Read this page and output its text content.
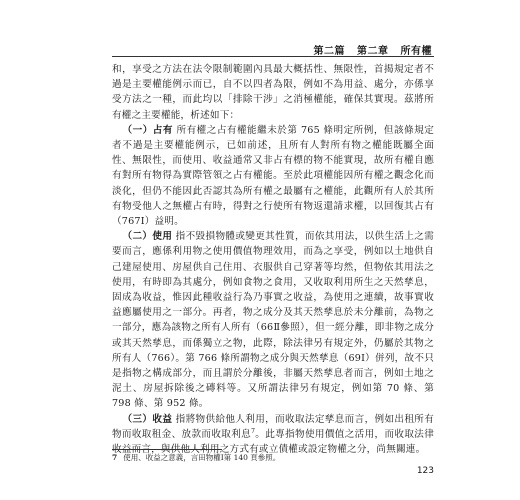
第二篇 第二章 所有權

和，享受之方法在法令限制範圍內具最大概括性、無限性，首揭規定者不過是主要權能例示而已，自不以四者為限，例如不為用益、處分，亦係享受方法之一種，而此均以「排除干涉」之消極權能，確保其實現。茲將所有權之主要權能，析述如下：

（一）占有 所有權之占有權能繼未於第 765 條明定所例，但該條規定者不過是主要權能例示，已如前述，且所有人對所有物之權能既屬全面性、無限性，而使用、收益通常又非占有標的物不能實現，故所有權自應有對所有物得為實際管領之占有權能。至於此項權能因所有權之觀念化而淡化，但仍不能因此否認其為所有權之最屬有之權能，此觀所有人於其所有物受他人之無權占有時，得對之行使所有物返還請求權，以回復其占有（767Ⅰ）益明。

（二）使用 指不毀損物體或變更其性質，而依其用法，以供生活上之需要而言，應係利用物之使用價值物理效用，而為之享受，例如以土地供自己建屋使用、房屋供自己住用、衣服供自己穿著等均然，但物依其用法之使用，有時即為其處分，例如食物之食用，又收取利用所生之天然孳息，固成為收益，惟因此種收益行為乃事實之收益，為使用之連續，故事實收益應屬使用之一部分。再者，物之成分及其天然孳息於未分離前，為物之一部分，應為該物之所有人所有（66Ⅱ參照），但一經分離，即非物之成分或其天然孳息，而係獨立之物，此際，除法律另有規定外，仍屬於其物之所有人（766）。第 766 條所謂物之成分與天然孳息（69Ⅰ）併列，故不只是指物之構成部分，而且謂於分離後，非屬天然孳息者而言，例如土地之泥土、房屋拆除後之磚料等。又所謂法律另有規定，例如第 70 條、第 798 條、第 952 條。

（三）收益 指將物供給他人利用，而收取法定孳息而言，例如出租所有物而收取租金、放款而收取利息$^7$。此專指物使用價值之活用，而收取法律收益而言，與供他人利用之方式有或立債權或設定物權之分，尚無關連。

7 使用、收益之意義，言田物權Ⅰ第 140 頁參照。
123
